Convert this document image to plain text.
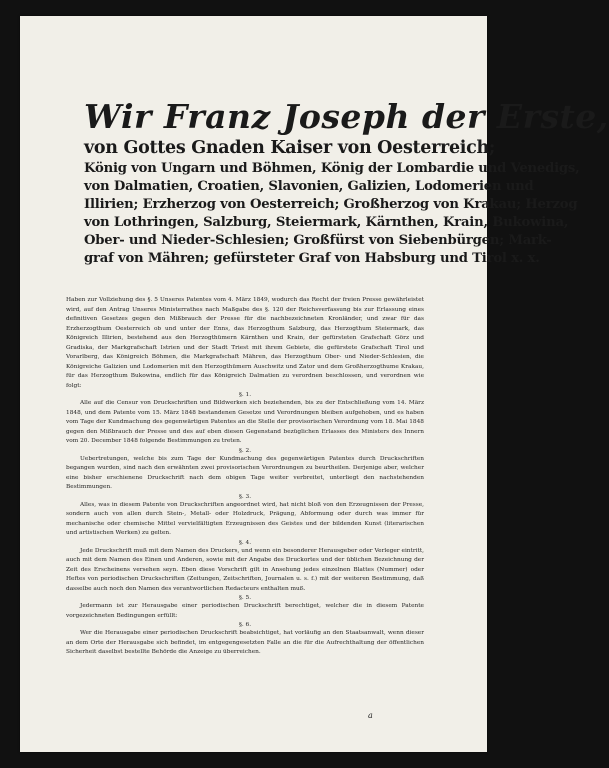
Wir Franz Joseph der Erste,
von Gottes Gnaden Kaiser von Oesterreich;
König von Ungarn und Böhmen, König der Lombardie und Venedigs,
von Dalmatien, Croatien, Slavonien, Galizien, Lodomerien und
Illirien; Erzherzog von Oesterreich; Großherzog von Krakau; Herzog
von Lothringen, Salzburg, Steiermark, Kärnthen, Krain, Bukowina,
Ober- und Nieder-Schlesien; Großfürst von Siebenbürgen; Mark-
graf von Mähren; gefürsteter Graf von Habsburg und Tirol x. x.

Haben zur Vollziehung des §. 5 Unseres Patentes vom 4. März 1849, wodurch das Recht der freien Presse gewährleistet wird, auf den Antrag Unseres Ministerrathes nach Maßgabe des §. 120 der Reichsverfassung bis zur Erlassung eines definitiven Gesetzes gegen den Mißbrauch der Presse für die nachbezeichneten Kronländer, und zwar für das Erzherzogthum Oesterreich ob und unter der Enns, das Herzogthum Salzburg, das Herzogthum Steiermark, das Königreich Illirien, bestehend aus den Herzogthümern Kärnthen und Krain, der gefürsteten Grafschaft Görz und Gradiska, der Markgrafschaft Istrien und der Stadt Triest mit ihrem Gebiete, die gefürstete Grafschaft Tirol und Vorarlberg, das Königreich Böhmen, die Markgrafschaft Mähren, das Herzogthum Ober- und Nieder-Schlesien, die Königreiche Galizien und Lodomerien mit den Herzogthümern Auschwitz und Zator und dem Großherzogthume Krakau, für das Herzogthum Bukowina, endlich für das Königreich Dalmatien zu verordnen beschlossen, und verordnen wie folgt:

§. 1.

Alle auf die Censur von Druckschriften und Bildwerken sich beziehenden, bis zu der Entschließung vom 14. März 1848, und dem Patente vom 15. März 1848 bestandenen Gesetze und Verordnungen bleiben aufgehoben, und es haben vom Tage der Kundmachung des gegenwärtigen Patentes an die Stelle der provisorischen Verordnung vom 18. Mai 1848 gegen den Mißbrauch der Presse und des auf eben diesen Gegenstand bezüglichen Erlasses des Ministers des Innern vom 20. December 1848 folgende Bestimmungen zu treten.

§. 2.

Uebertretungen, welche bis zum Tage der Kundmachung des gegenwärtigen Patentes durch Druckschriften begangen wurden, sind nach den erwähnten zwei provisorischen Verordnungen zu beurtheilen. Derjenige aber, welcher eine bisher erschienene Druckschrift nach dem obigen Tage weiter verbreitet, unterliegt den nachstehenden Bestimmungen.

§. 3.

Alles, was in diesem Patente von Druckschriften angeordnet wird, hat nicht bloß von den Erzeugnissen der Presse, sondern auch von allen durch Stein-, Metall- oder Holzdruck, Prägung, Abformung oder durch was immer für mechanische oder chemische Mittel vervielfältigten Erzeugnissen des Geistes und der bildenden Kunst (literarischen und artistischen Werken) zu gelten.

§. 4.

Jede Druckschrift muß mit dem Namen des Druckers, und wenn ein besonderer Herausgeber oder Verleger eintritt, auch mit dem Namen des Einen und Anderen, sowie mit der Angabe des Druckortes und der üblichen Bezeichnung der Zeit des Erscheinens versehen seyn. Eben diese Vorschrift gilt in Ansehung jedes einzelnen Blattes (Nummer) oder Heftes von periodischen Druckschriften (Zeitungen, Zeitschriften, Journalen u. s. f.) mit der weiteren Bestimmung, daß dasselbe auch noch den Namen des verantwortlichen Redacteurs enthalten muß.

§. 5.

Jedermann ist zur Herausgabe einer periodischen Druckschrift berechtiget, welcher die in diesem Patente vorgezeichneten Bedingungen erfüllt:

§. 6.

Wer die Herausgabe einer periodischen Druckschrift beabsichtiget, hat vorläufig an den Staatsanwalt, wenn dieser an dem Orte der Herausgabe sich befindet, im entgegengesetzten Falle an die für die Aufrechthaltung der öffentlichen Sicherheit daselbst bestellte Behörde die Anzeige zu überreichen.

a
